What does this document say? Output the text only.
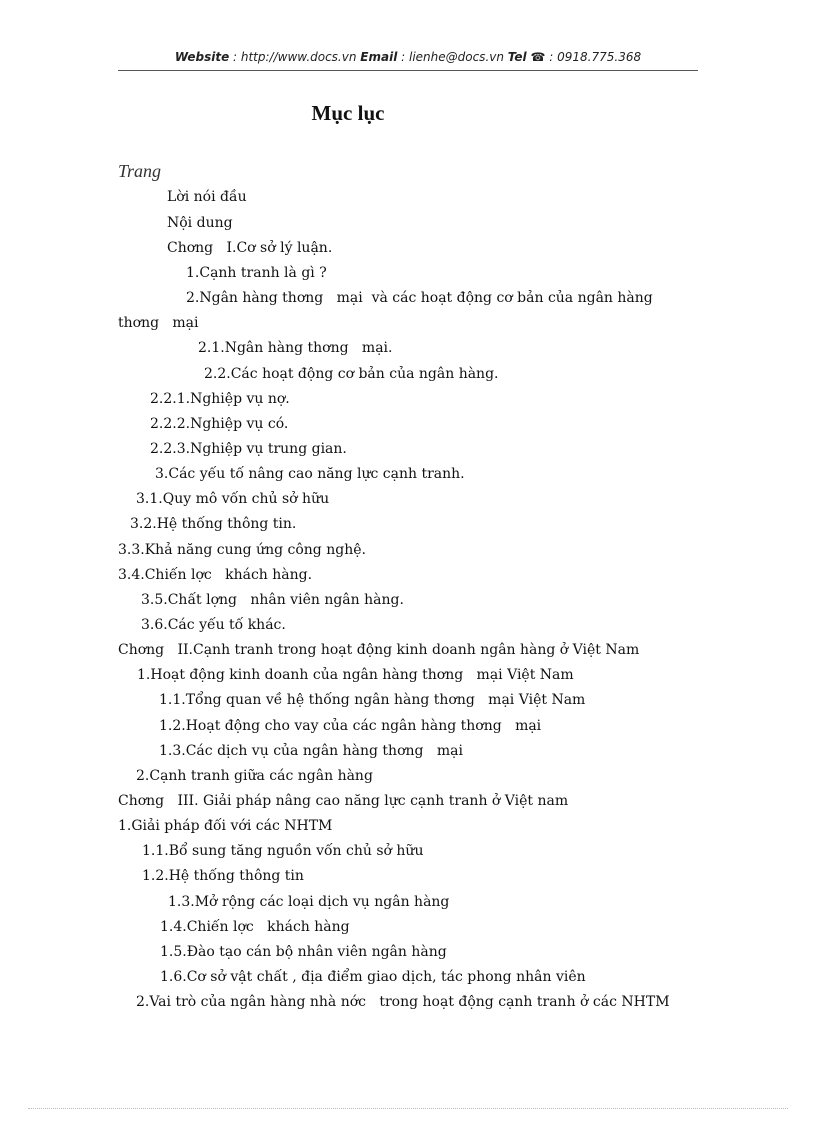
Website : http://www.docs.vn Email : lienhe@docs.vn Tel ☎ : 0918.775.368
Mục lục
Trang
Lời nói đầu
Nội dung
Chơng   I.Cơ sở lý luận.
1.Cạnh tranh là gì ?
2.Ngân hàng thơng   mại  và các hoạt động cơ bản của ngân hàng
thơng   mại
2.1.Ngân hàng thơng   mại.
2.2.Các hoạt động cơ bản của ngân hàng.
2.2.1.Nghiệp vụ nợ.
2.2.2.Nghiệp vụ có.
2.2.3.Nghiệp vụ trung gian.
3.Các yếu tố nâng cao năng lực cạnh tranh.
3.1.Quy mô vốn chủ sở hữu
3.2.Hệ thống thông tin.
3.3.Khả năng cung ứng công nghệ.
3.4.Chiến lợc   khách hàng.
3.5.Chất lợng   nhân viên ngân hàng.
3.6.Các yếu tố khác.
Chơng   II.Cạnh tranh trong hoạt động kinh doanh ngân hàng ở Việt Nam
1.Hoạt động kinh doanh của ngân hàng thơng   mại Việt Nam
1.1.Tổng quan về hệ thống ngân hàng thơng   mại Việt Nam
1.2.Hoạt động cho vay của các ngân hàng thơng   mại
1.3.Các dịch vụ của ngân hàng thơng   mại
2.Cạnh tranh giữa các ngân hàng
Chơng   III. Giải pháp nâng cao năng lực cạnh tranh ở Việt nam
1.Giải pháp đối với các NHTM
1.1.Bổ sung tăng nguồn vốn chủ sở hữu
1.2.Hệ thống thông tin
1.3.Mở rộng các loại dịch vụ ngân hàng
1.4.Chiến lợc   khách hàng
1.5.Đào tạo cán bộ nhân viên ngân hàng
1.6.Cơ sở vật chất , địa điểm giao dịch, tác phong nhân viên
2.Vai trò của ngân hàng nhà nớc   trong hoạt động cạnh tranh ở các NHTM
